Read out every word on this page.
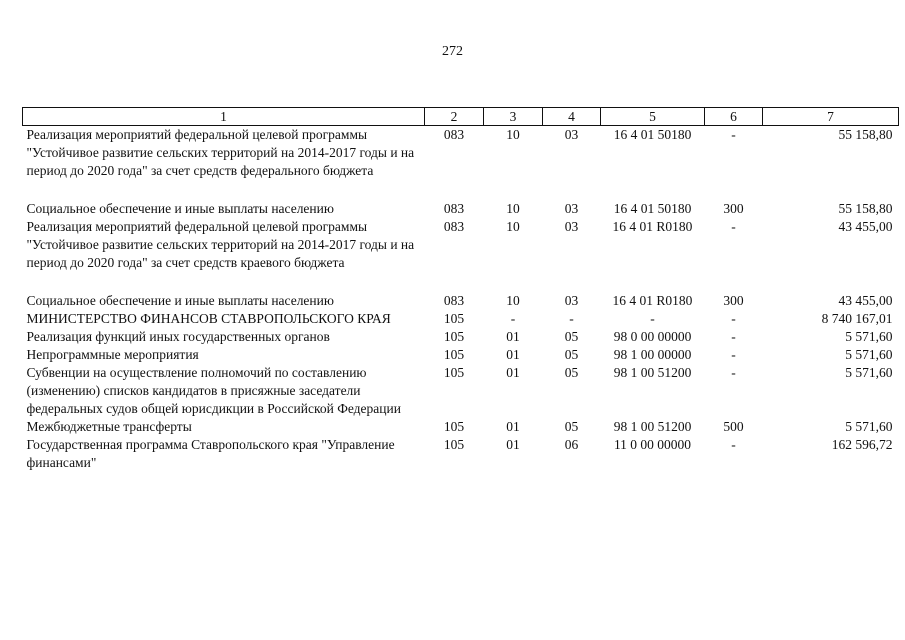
272
1	2	3	4	5	6	7
Реализация мероприятий федеральной целевой программы "Устойчивое развитие сельских территорий на 2014-2017 годы и на период до 2020 года" за счет средств федерального бюджета	083	10	03	16 4 01 50180	-	55 158,80
Социальное обеспечение и иные выплаты населению	083	10	03	16 4 01 50180	300	55 158,80
Реализация мероприятий федеральной целевой программы "Устойчивое развитие сельских территорий на 2014-2017 годы и на период до 2020 года" за счет средств краевого бюджета	083	10	03	16 4 01 R0180	-	43 455,00
Социальное обеспечение и иные выплаты населению	083	10	03	16 4 01 R0180	300	43 455,00
МИНИСТЕРСТВО ФИНАНСОВ СТАВРОПОЛЬСКОГО КРАЯ	105	-	-	-	-	8 740 167,01
Реализация функций иных государственных органов	105	01	05	98 0 00 00000	-	5 571,60
Непрограммные мероприятия	105	01	05	98 1 00 00000	-	5 571,60
Субвенции на осуществление полномочий по составлению (изменению) списков кандидатов в присяжные заседатели федеральных судов общей юрисдикции в Российской Федерации	105	01	05	98 1 00 51200	-	5 571,60
Межбюджетные трансферты	105	01	05	98 1 00 51200	500	5 571,60
Государственная программа Ставропольского края "Управление финансами"	105	01	06	11 0 00 00000	-	162 596,72
